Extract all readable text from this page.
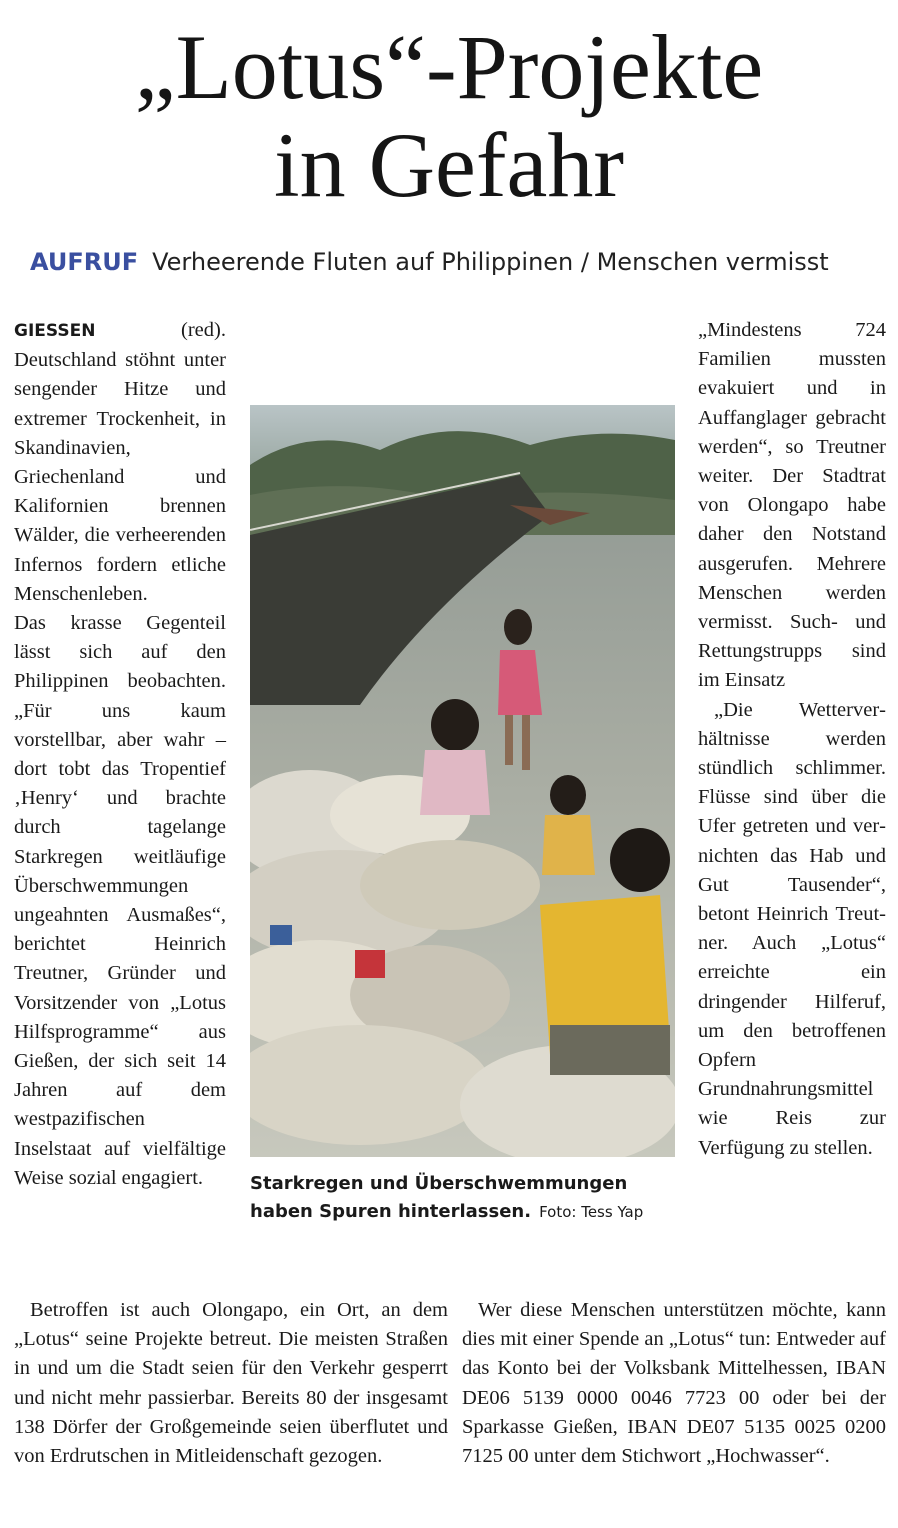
„Lotus“-Projekte
in Gefahr
AUFRUF Verheerende Fluten auf Philippinen / Menschen vermisst
Starkregen und Überschwemmungen haben Spuren hinterlassen. Foto: Tess Yap

GIESSEN	(red). Deutschland stöhnt unter sengender Hitze und extremer Trockenheit, in Skandinavien, Griechenland und Kalifornien brennen Wälder, die verheerenden Infernos fordern etliche Menschenleben.

Das krasse Gegenteil lässt sich auf den Philippinen beobachten. „Für uns kaum vorstellbar, aber wahr – dort tobt das Tropentief ‚Henry‘ und brachte durch tagelange Starkregen weitläufige Überschwemmungen ungeahnten Ausmaßes“, berichtet Heinrich Treutner, Gründer und Vorsitzender von „Lotus Hilfsprogramme“ aus Gießen, der sich seit 14 Jahren auf dem westpazifischen Inselstaat auf vielfältige Weise sozial engagiert.

Betroffen ist auch Olongapo, ein Ort, an dem „Lotus“ seine Projekte betreut. Die meisten Straßen in und um die Stadt seien für den Verkehr gesperrt und nicht mehr passierbar. Bereits 80 der insgesamt 138 Dörfer der Großgemeinde seien überflutet und von Erdrutschen in Mitleidenschaft gezogen.

„Mindestens 724 Familien mussten evakuiert und in Auffanglager gebracht werden“, so Treutner weiter. Der Stadtrat von Olongapo habe daher den Notstand ausgerufen. Mehrere Menschen werden vermisst. Such- und Rettungstrupps sind im Einsatz

„Die Wetterverhältnisse werden stündlich schlimmer. Flüsse sind über die Ufer getreten und vernichten das Hab und Gut Tausender“, betont Heinrich Treutner. Auch „Lotus“ erreichte ein dringender Hilferuf, um den betroffenen Opfern Grundnahrungsmittel wie Reis zur Verfügung zu stellen.

Wer diese Menschen unterstützen möchte, kann dies mit einer Spende an „Lotus“ tun: Entweder auf das Konto bei der Volksbank Mittelhessen, IBAN DE06 5139 0000 0046 7723 00 oder bei der Sparkasse Gießen, IBAN DE07 5135 0025 0200 7125 00 unter dem Stichwort „Hochwasser“.
